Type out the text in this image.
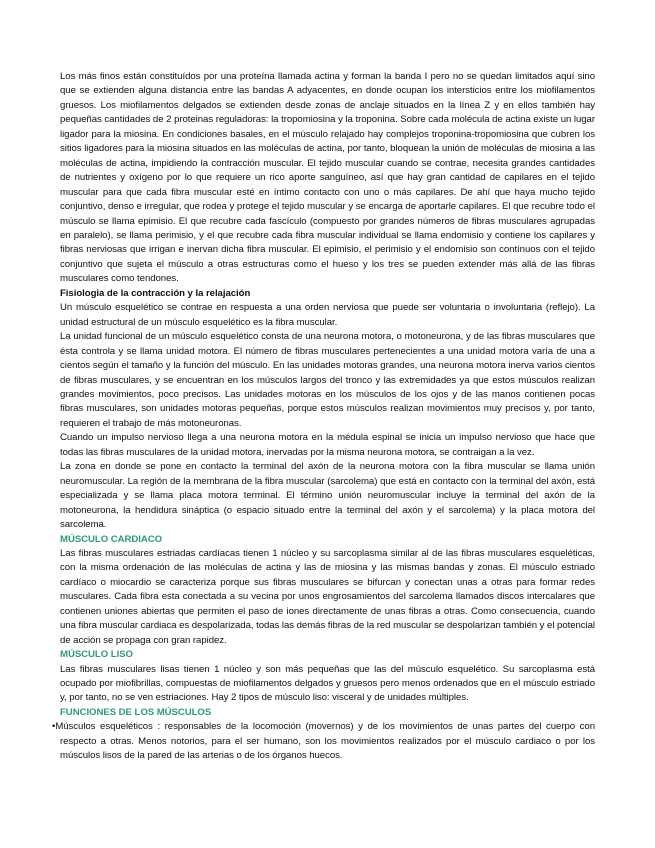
Los más finos están constituídos por una proteína llamada actina y forman la banda I pero no se quedan limitados aquí sino que se extienden alguna distancia entre las bandas A adyacentes, en donde ocupan los intersticios entre los miofilamentos gruesos. Los miofilamentos delgados se extienden desde zonas de anclaje situados en la línea Z y en ellos también hay pequeñas cantidades de 2 proteinas reguladoras: la tropomiosina y la troponina. Sobre cada molécula de actina existe un lugar ligador para la miosina. En condiciones basales, en el músculo relajado hay complejos troponina-tropomiosina que cubren los sitios ligadores para la miosina situados en las moléculas de actina, por tanto, bloquean la unión de moléculas de miosina a las moléculas de actina, impidiendo la contracción muscular. El tejido muscular cuando se contrae, necesita grandes cantidades de nutrientes y oxígeno por lo que requiere un rico aporte sanguíneo, así que hay gran cantidad de capilares en el tejido muscular para que cada fibra muscular esté en íntimo contacto con uno o más capilares. De ahí que haya mucho tejido conjuntivo, denso e irregular, que rodea y protege el tejido muscular y se encarga de aportarle capilares. El que recubre todo el músculo se llama epimisio. El que recubre cada fascículo (compuesto por grandes números de fibras musculares agrupadas en paralelo), se llama perimisio, y el que recubre cada fibra muscular individual se llama endomisio y contiene los capilares y fibras nerviosas que irrigan e inervan dicha fibra muscular. El epimisio, el perimisio y el endomisio son contínuos con el tejido conjuntivo que sujeta el músculo a otras estructuras como el hueso y los tres se pueden extender más allá de las fibras musculares como tendones.

Fisiologia de la contracción y la relajación

Un músculo esquelético se contrae en respuesta a una orden nerviosa que puede ser voluntaria o involuntaria (reflejo). La unidad estructural de un músculo esquelético es la fibra muscular.

La unidad funcional de un músculo esquelético consta de una neurona motora, o motoneurona, y de las fibras musculares que ésta controla y se llama unidad motora. El número de fibras musculares pertenecientes a una unidad motora varía de una a cientos según el tamaño y la función del músculo. En las unidades motoras grandes, una neurona motora inerva varios cientos de fibras musculares, y se encuentran en los músculos largos del tronco y las extremidades ya que estos músculos realizan grandes movimientos, poco precisos. Las unidades motoras en los músculos de los ojos y de las manos contienen pocas fibras musculares, son unidades motoras pequeñas, porque estos músculos realizan movimientos muy precisos y, por tanto, requieren el trabajo de más motoneuronas.

Cuando un impulso nervioso llega a una neurona motora en la médula espinal se inicia un impulso nervioso que hace que todas las fibras musculares de la unidad motora, inervadas por la misma neurona motora, se contraigan a la vez.

La zona en donde se pone en contacto la terminal del axón de la neurona motora con la fibra muscular se llama unión neuromuscular. La región de la membrana de la fibra muscular (sarcolema) que está en contacto con la terminal del axón, está especializada y se llama placa motora terminal. El término unión neuromuscular incluye la terminal del axón de la motoneurona, la hendidura sináptica (o espacio situado entre la terminal del axón y el sarcolema) y la placa motora del sarcolema.

MÚSCULO CARDIACO

Las fibras musculares estriadas cardíacas tienen 1 núcleo y su sarcoplasma similar al de las fibras musculares esqueléticas, con la misma ordenación de las moléculas de actina y las de miosina y las mismas bandas y zonas. El músculo estriado cardíaco o miocardio se caracteriza porque sus fibras musculares se bifurcan y conectan unas a otras para formar redes musculares. Cada fibra esta conectada a su vecina por unos engrosamientos del sarcolema llamados discos intercalares que contienen uniones abiertas que permiten el paso de iones directamente de unas fibras a otras. Como consecuencia, cuando una fibra muscular cardiaca es despolarizada, todas las demás fibras de la red muscular se despolarizan también y el potencial de acción se propaga con gran rapidez.

MÚSCULO LISO

Las fibras musculares lisas tienen 1 núcleo y son más pequeñas que las del músculo esquelético. Su sarcoplasma está ocupado por miofibrillas, compuestas de miofilamentos delgados y gruesos pero menos ordenados que en el músculo estriado y, por tanto, no se ven estriaciones. Hay 2 tipos de músculo liso: visceral y de unidades múltiples.

FUNCIONES DE LOS MÚSCULOS

•Músculos esqueléticos : responsables de la locomoción (movernos) y de los movimientos de unas partes del cuerpo con respecto a otras. Menos notorios, para el ser humano, son los movimientos realizados por el músculo cardiaco o por los músculos lisos de la pared de las arterias o de los órganos huecos.
